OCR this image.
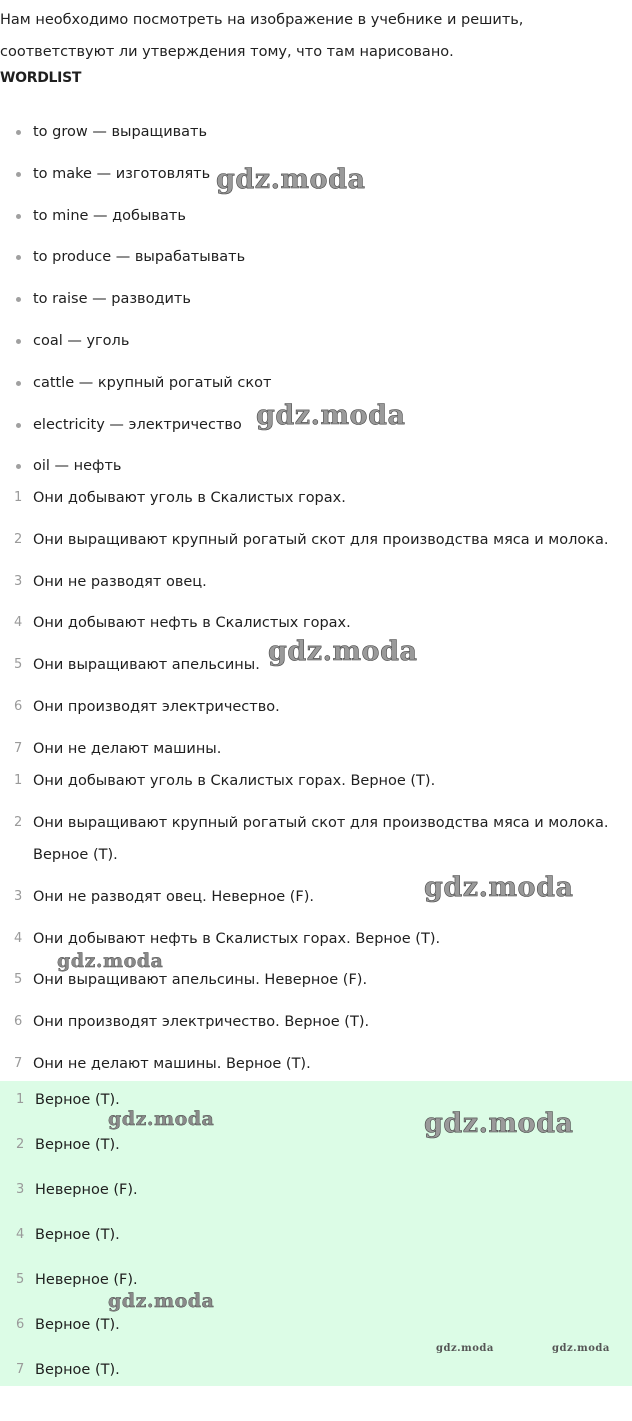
Нам необходимо посмотреть на изображение в учебнике и решить, соответствуют ли утверждения тому, что там нарисовано.

WORDLIST
to grow — выращивать
to make — изготовлять
to mine — добывать
to produce — вырабатывать
to raise — разводить
coal — уголь
cattle — крупный рогатый скот
electricity — электричество
oil — нефть
1 Они добывают уголь в Скалистых горах.
2 Они выращивают крупный рогатый скот для производства мяса и молока.
3 Они не разводят овец.
4 Они добывают нефть в Скалистых горах.
5 Они выращивают апельсины.
6 Они производят электричество.
7 Они не делают машины.
1 Они добывают уголь в Скалистых горах. Верное (T).
2 Они выращивают крупный рогатый скот для производства мяса и молока. Верное (T).
3 Они не разводят овец. Неверное (F).
4 Они добывают нефть в Скалистых горах. Верное (T).
5 Они выращивают апельсины. Неверное (F).
6 Они производят электричество. Верное (T).
7 Они не делают машины. Верное (T).
1 Верное (T).
2 Верное (T).
3 Неверное (F).
4 Верное (T).
5 Неверное (F).
6 Верное (T).
7 Верное (T).
gdz.moda
gdz.moda
gdz.moda
gdz.moda
gdz.moda
gdz.moda	gdz.moda
gdz.moda
gdz.moda	gdz.moda
